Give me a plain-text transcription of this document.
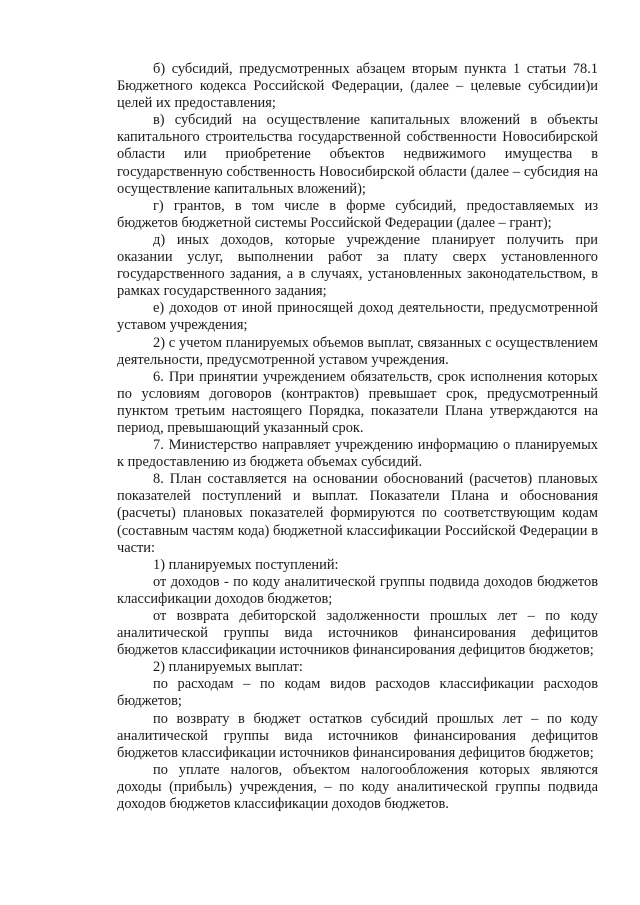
б) субсидий, предусмотренных абзацем вторым пункта 1 статьи 78.1 Бюджетного кодекса Российской Федерации, (далее – целевые субсидии)и целей их предоставления;

в) субсидий на осуществление капитальных вложений в объекты капитального строительства государственной собственности Новосибирской области или приобретение объектов недвижимого имущества в государственную собственность Новосибирской области (далее – субсидия на осуществление капитальных вложений);

г) грантов, в том числе в форме субсидий, предоставляемых из бюджетов бюджетной системы Российской Федерации (далее – грант);

д) иных доходов, которые учреждение планирует получить при оказании услуг, выполнении работ за плату сверх установленного государственного задания, а в случаях, установленных законодательством, в рамках государственного задания;

е) доходов от иной приносящей доход деятельности, предусмотренной уставом учреждения;

2) с учетом планируемых объемов выплат, связанных с осуществлением деятельности, предусмотренной уставом учреждения.

6. При принятии учреждением обязательств, срок исполнения которых по условиям договоров (контрактов) превышает срок, предусмотренный пунктом третьим настоящего Порядка, показатели Плана утверждаются на период, превышающий указанный срок.

7. Министерство направляет учреждению информацию о планируемых к предоставлению из бюджета объемах субсидий.

8. План составляется на основании обоснований (расчетов) плановых показателей поступлений и выплат. Показатели Плана и обоснования (расчеты) плановых показателей формируются по соответствующим кодам (составным частям кода) бюджетной классификации Российской Федерации в части:

1) планируемых поступлений:

от доходов - по коду аналитической группы подвида доходов бюджетов классификации доходов бюджетов;

от возврата дебиторской задолженности прошлых лет – по коду аналитической группы вида источников финансирования дефицитов бюджетов классификации источников финансирования дефицитов бюджетов;

2) планируемых выплат:

по расходам – по кодам видов расходов классификации расходов бюджетов;

по возврату в бюджет остатков субсидий прошлых лет – по коду аналитической группы вида источников финансирования дефицитов бюджетов классификации источников финансирования дефицитов бюджетов;

по уплате налогов, объектом налогообложения которых являются доходы (прибыль) учреждения, – по коду аналитической группы подвида доходов бюджетов классификации доходов бюджетов.
